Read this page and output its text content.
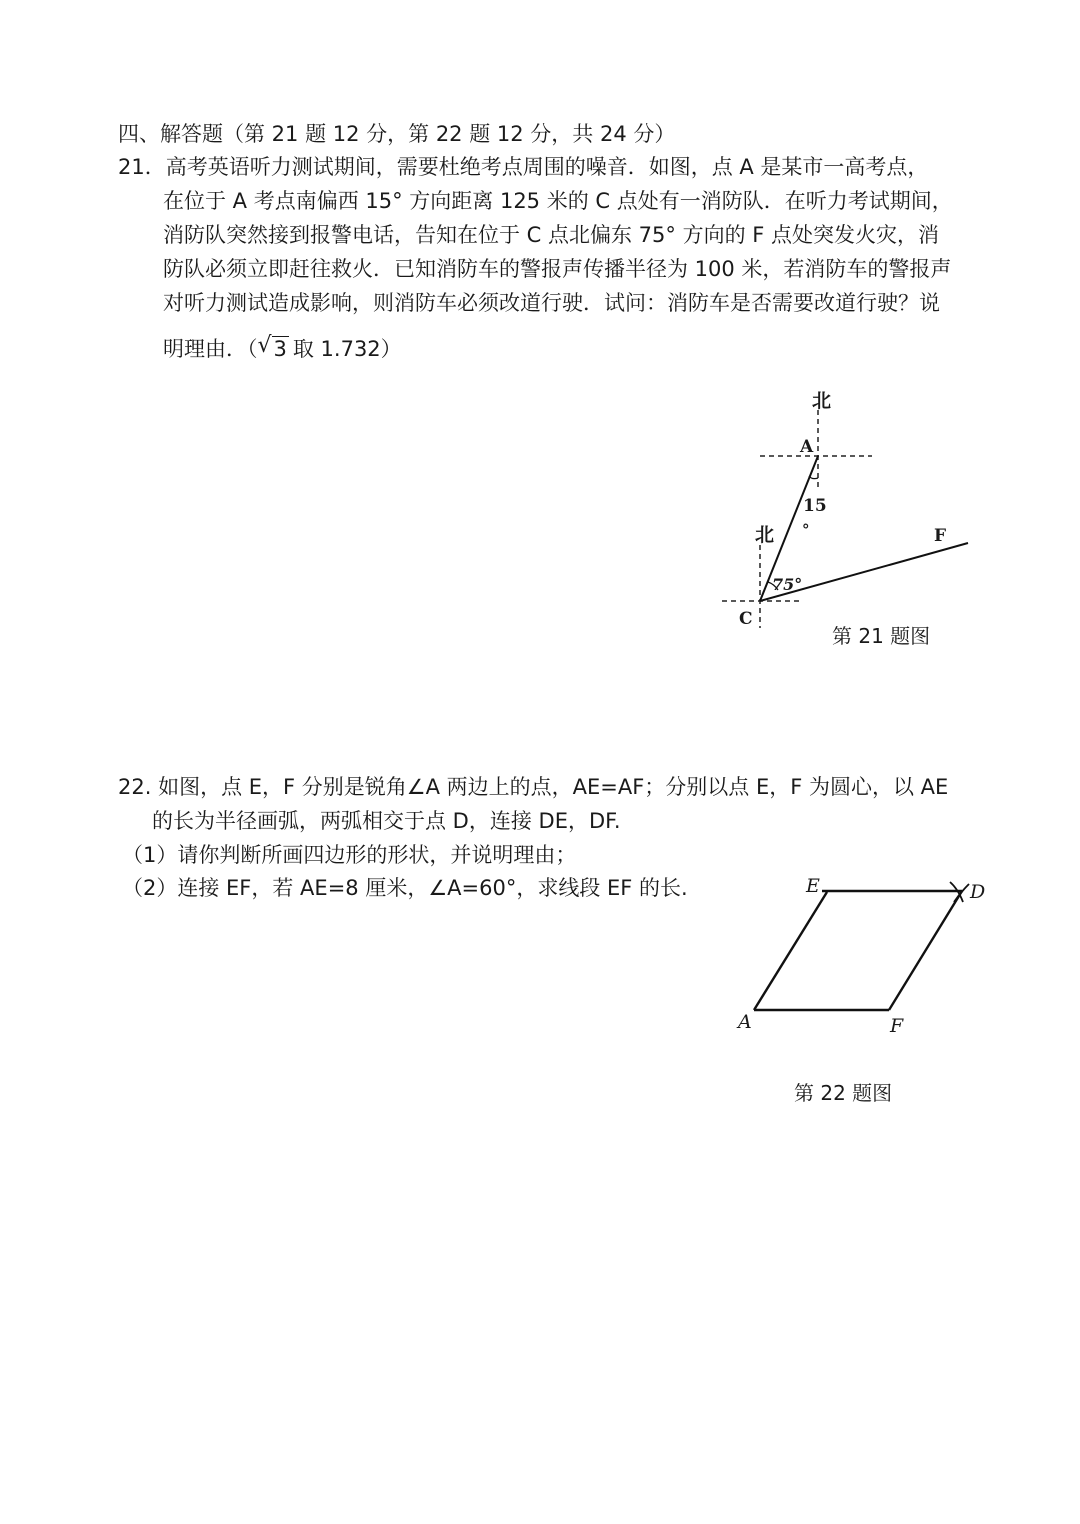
四、解答题（第 21 题 12 分，第 22 题 12 分，共 24 分）
21．高考英语听力测试期间，需要杜绝考点周围的噪音．如图，点 A 是某市一高考点，
在位于 A 考点南偏西 15° 方向距离 125 米的 C 点处有一消防队．在听力考试期间，
消防队突然接到报警电话，告知在位于 C 点北偏东 75° 方向的 F 点处突发火灾，消
防队必须立即赶往救火．已知消防车的警报声传播半径为 100 米，若消防车的警报声
对听力测试造成影响，则消防车必须改道行驶．试问：消防车是否需要改道行驶？说
明理由．（ √ 3 取 1.732）
北
A
15
°
北	F
75°
C
E	D
A	F
第 21 题图
22. 如图，点 E，F 分别是锐角∠A 两边上的点，AE=AF；分别以点 E，F 为圆心，以 AE
的长为半径画弧，两弧相交于点 D，连接 DE，DF.
（1）请你判断所画四边形的形状，并说明理由；
（2）连接 EF，若 AE=8 厘米，∠A=60°，求线段 EF 的长.
第 22 题图
